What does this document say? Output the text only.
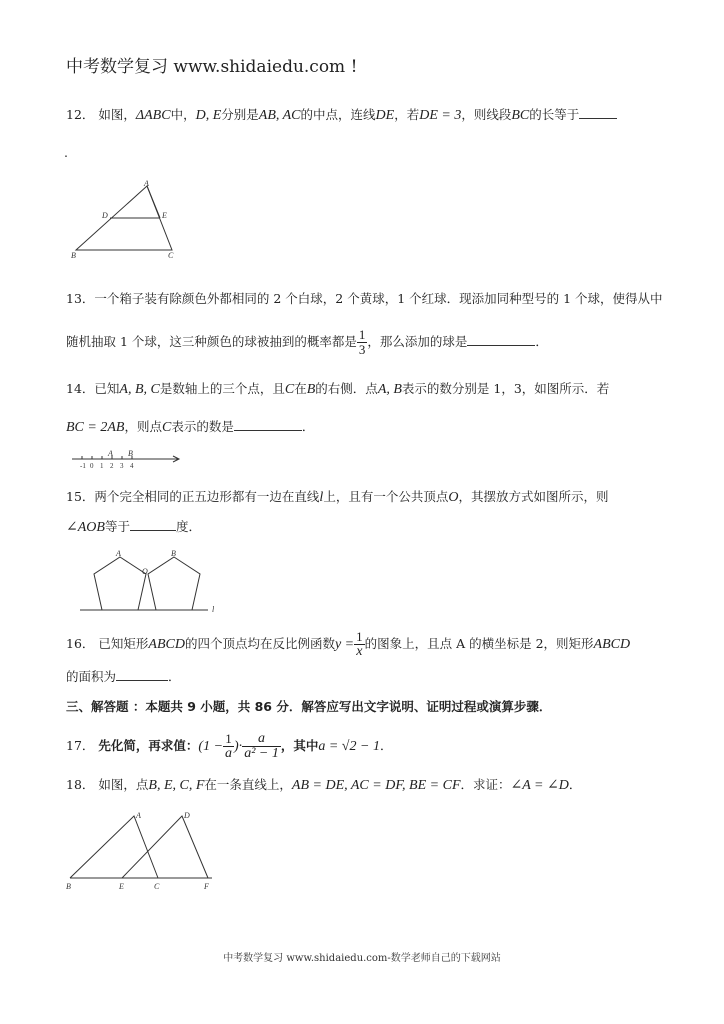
中考数学复习 www.shidaiedu.com !
12． 如图，ΔABC中，D, E分别是AB, AC的中点，连线DE，若DE = 3，则线段BC的长等于
.
A
D	E
B	C
13．一个箱子装有除颜色外都相同的 2 个白球，2 个黄球，1 个红球．现添加同种型号的 1 个球，使得从中
随机抽取 1 个球，这三种颜色的球被抽到的概率都是 $\frac{1}{3}$ ，那么添加的球是	．
14．已知A, B, C是数轴上的三个点，且C在B的右侧．点A, B表示的数分别是 1，3，如图所示．若
BC = 2AB，则点C表示的数是	．
-1 0 1 2 3 4
A B
15．两个完全相同的正五边形都有一边在直线l上，且有一个公共顶点O，其摆放方式如图所示，则
∠AOB等于	度．
A	B
O
l
16． 已知矩形ABCD的四个顶点均在反比例函数$y = \frac{1}{x}$ 的图象上，且点 A 的横坐标是 2，则矩形ABCD
的面积为	．
三、解答题 ：本题共 9 小题，共 86 分．解答应写出文字说明、证明过程或演算步骤．
17． 先化简，再求值：($1 - \frac{1}{a}$ )· $\frac{a}{\text{a² − 1}}$ ，其中a = √2 − 1．
18． 如图，点B, E, C, F在一条直线上，AB = DE, AC = DF, BE = CF．求证：∠A = ∠D．
A	D
B	E	C	F
中考数学复习 www.shidaiedu.com-数学老师自己的下载网站
